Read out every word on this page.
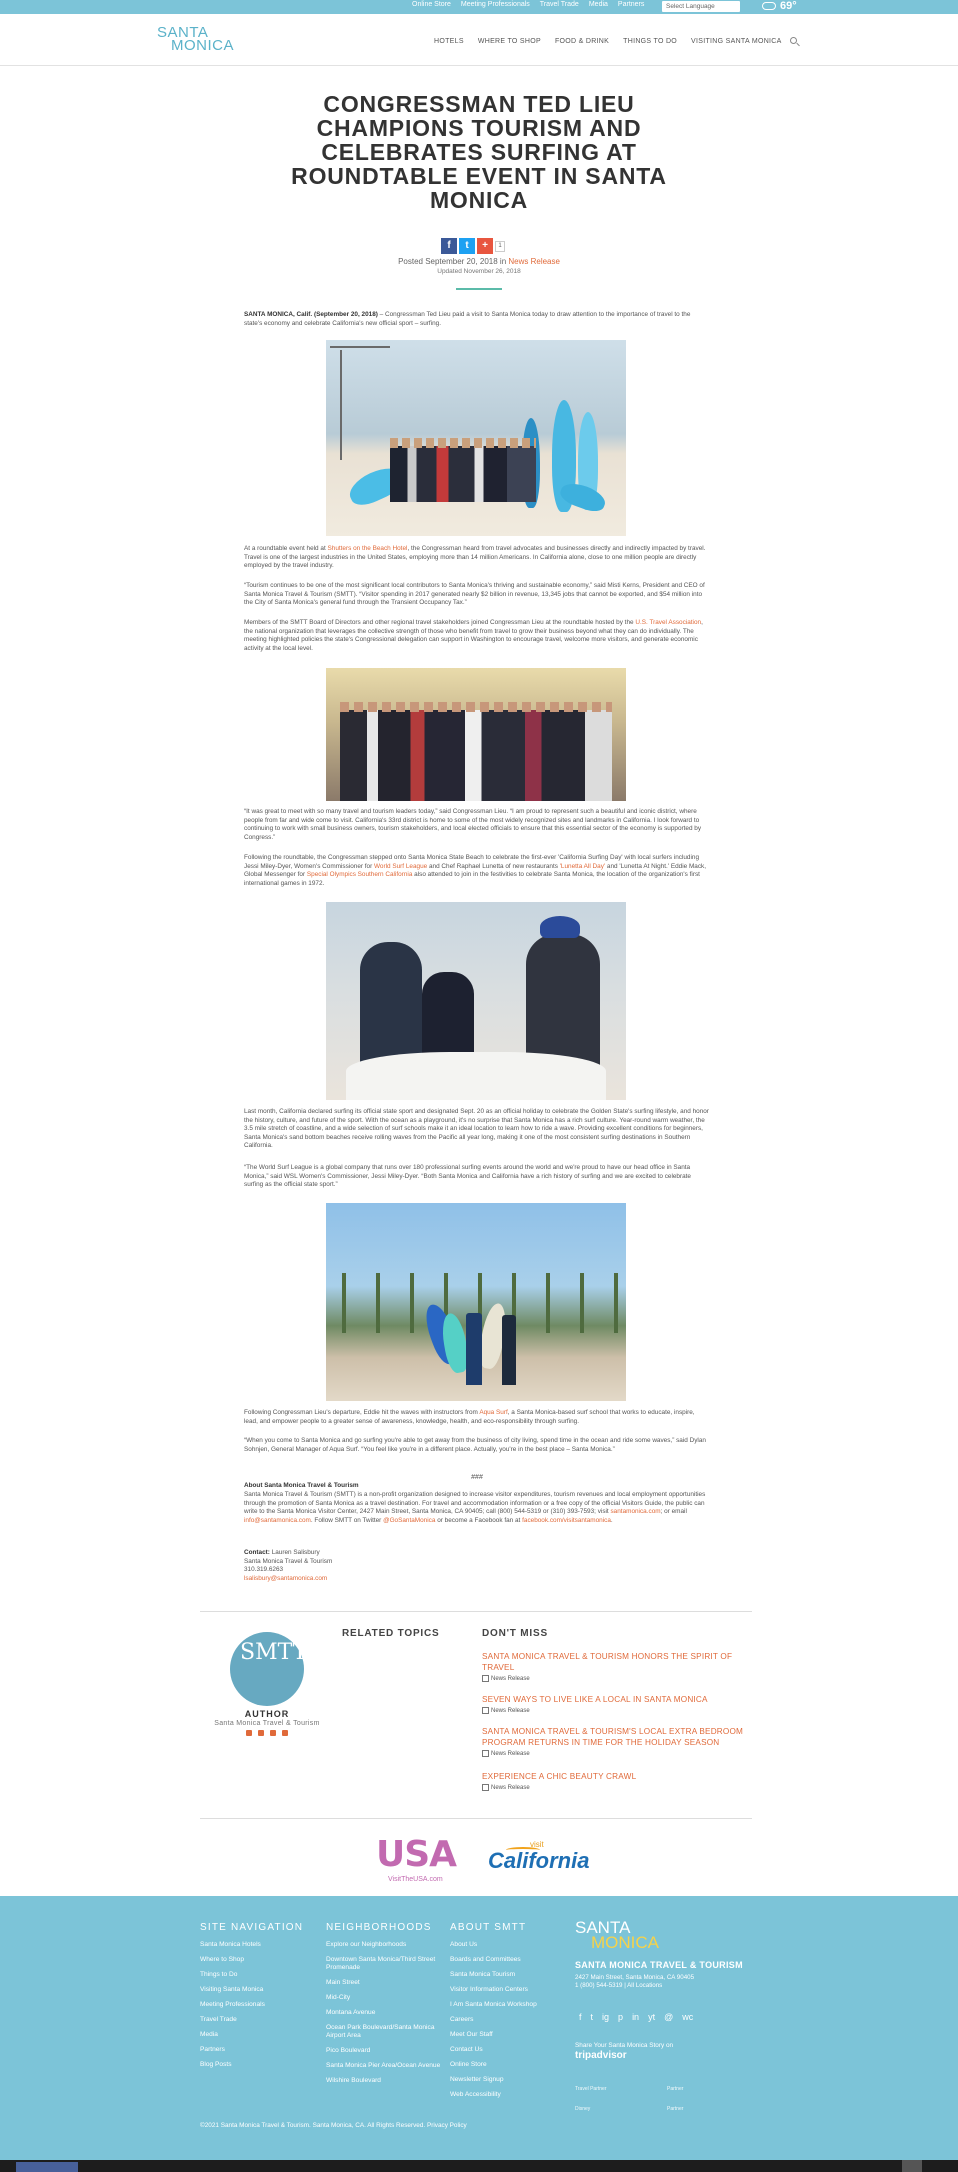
Online Store Meeting Professionals Travel Trade Media Partners	Select Language	69°
SANTA
MONICA	HOTELS WHERE TO SHOP FOOD & DRINK THINGS TO DO VISITING SANTA MONICA
CONGRESSMAN TED LIEU CHAMPIONS TOURISM AND CELEBRATES SURFING AT ROUNDTABLE EVENT IN SANTA MONICA
f	t	+	1
Posted September 20, 2018 in News Release
Updated November 26, 2018

SANTA MONICA, Calif. (September 20, 2018) – Congressman Ted Lieu paid a visit to Santa Monica today to draw attention to the importance of travel to the state's economy and celebrate California's new official sport – surfing.

At a roundtable event held at Shutters on the Beach Hotel, the Congressman heard from travel advocates and businesses directly and indirectly impacted by travel. Travel is one of the largest industries in the United States, employing more than 14 million Americans. In California alone, close to one million people are directly employed by the travel industry.

“Tourism continues to be one of the most significant local contributors to Santa Monica's thriving and sustainable economy,” said Misti Kerns, President and CEO of Santa Monica Travel & Tourism (SMTT). “Visitor spending in 2017 generated nearly $2 billion in revenue, 13,345 jobs that cannot be exported, and $54 million into the City of Santa Monica's general fund through the Transient Occupancy Tax.”

Members of the SMTT Board of Directors and other regional travel stakeholders joined Congressman Lieu at the roundtable hosted by the U.S. Travel Association, the national organization that leverages the collective strength of those who benefit from travel to grow their business beyond what they can do individually. The meeting highlighted policies the state's Congressional delegation can support in Washington to encourage travel, welcome more visitors, and generate economic activity at the local level.

“It was great to meet with so many travel and tourism leaders today,” said Congressman Lieu. “I am proud to represent such a beautiful and iconic district, where people from far and wide come to visit. California's 33rd district is home to some of the most widely recognized sites and landmarks in California. I look forward to continuing to work with small business owners, tourism stakeholders, and local elected officials to ensure that this essential sector of the economy is supported by Congress.”

Following the roundtable, the Congressman stepped onto Santa Monica State Beach to celebrate the first-ever 'California Surfing Day' with local surfers including Jessi Miley-Dyer, Women's Commissioner for World Surf League and Chef Raphael Lunetta of new restaurants 'Lunetta All Day' and 'Lunetta At Night.' Eddie Mack, Global Messenger for Special Olympics Southern California also attended to join in the festivities to celebrate Santa Monica, the location of the organization's first international games in 1972.

Last month, California declared surfing its official state sport and designated Sept. 20 as an official holiday to celebrate the Golden State's surfing lifestyle, and honor the history, culture, and future of the sport. With the ocean as a playground, it's no surprise that Santa Monica has a rich surf culture. Year-round warm weather, the 3.5 mile stretch of coastline, and a wide selection of surf schools make it an ideal location to learn how to ride a wave. Providing excellent conditions for beginners, Santa Monica's sand bottom beaches receive rolling waves from the Pacific all year long, making it one of the most consistent surfing destinations in Southern California.

“The World Surf League is a global company that runs over 180 professional surfing events around the world and we're proud to have our head office in Santa Monica,” said WSL Women's Commissioner, Jessi Miley-Dyer. “Both Santa Monica and California have a rich history of surfing and we are excited to celebrate surfing as the official state sport.”

Following Congressman Lieu's departure, Eddie hit the waves with instructors from Aqua Surf, a Santa Monica-based surf school that works to educate, inspire, lead, and empower people to a greater sense of awareness, knowledge, health, and eco-responsibility through surfing.

“When you come to Santa Monica and go surfing you're able to get away from the business of city living, spend time in the ocean and ride some waves,” said Dylan Sohnjen, General Manager of Aqua Surf. “You feel like you're in a different place. Actually, you're in the best place – Santa Monica.”

###

About Santa Monica Travel & Tourism

Santa Monica Travel & Tourism (SMTT) is a non-profit organization designed to increase visitor expenditures, tourism revenues and local employment opportunities through the promotion of Santa Monica as a travel destination. For travel and accommodation information or a free copy of the official Visitors Guide, the public can write to the Santa Monica Visitor Center, 2427 Main Street, Santa Monica, CA 90405; call (800) 544-5319 or (310) 393-7593; visit santamonica.com; or email info@santamonica.com. Follow SMTT on Twitter @GoSantaMonica or become a Facebook fan at facebook.com/visitsantamonica.

Contact: Lauren Salisbury
Santa Monica Travel & Tourism
310.319.6263
lsalisbury@santamonica.com

SMTT
AUTHOR
Santa Monica Travel & Tourism
RELATED TOPICS	DON'T MISS
SANTA MONICA TRAVEL & TOURISM HONORS THE SPIRIT OF TRAVEL
News Release
SEVEN WAYS TO LIVE LIKE A LOCAL IN SANTA MONICA
News Release
SANTA MONICA TRAVEL & TOURISM'S LOCAL EXTRA BEDROOM PROGRAM RETURNS IN TIME FOR THE HOLIDAY SEASON
News Release
EXPERIENCE A CHIC BEAUTY CRAWL
News Release
USA
VisitTheUSA.com
visit
California
SITE NAVIGATION
Santa Monica Hotels
Where to Shop
Things to Do
Visiting Santa Monica
Meeting Professionals
Travel Trade
Media
Partners
Blog Posts
NEIGHBORHOODS
Explore our Neighborhoods
Downtown Santa Monica/Third Street Promenade
Main Street
Mid-City
Montana Avenue
Ocean Park Boulevard/Santa Monica Airport Area
Pico Boulevard
Santa Monica Pier Area/Ocean Avenue
Wilshire Boulevard
ABOUT SMTT
About Us
Boards and Committees
Santa Monica Tourism
Visitor Information Centers
I Am Santa Monica Workshop
Careers
Meet Our Staff
Contact Us
Online Store
Newsletter Signup
Web Accessibility
SANTA
MONICA
SANTA MONICA TRAVEL & TOURISM
2427 Main Street, Santa Monica, CA 90405
1 (800) 544-5319 | All Locations
f t ig p in yt @ wc
Share Your Santa Monica Story on
tripadvisor
Travel Partner	Partner
Disney	Partner
©2021 Santa Monica Travel & Tourism. Santa Monica, CA. All Rights Reserved. Privacy Policy
